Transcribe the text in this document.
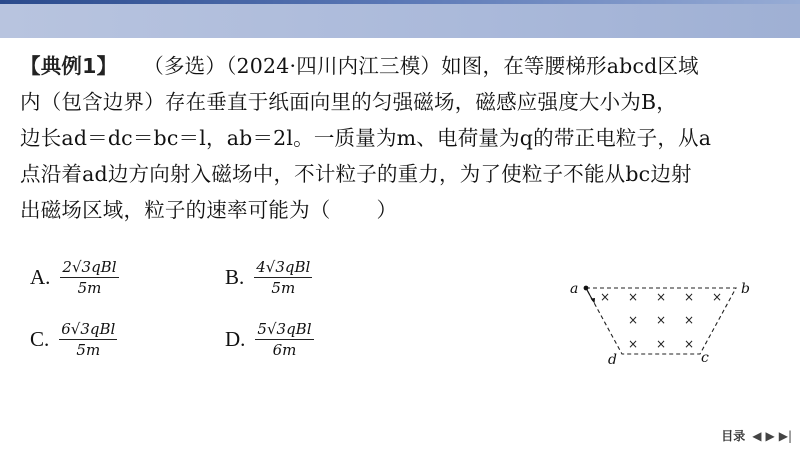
【典例1】 （多选）（2024·四川内江三模）如图，在等腰梯形abcd区域

内（包含边界）存在垂直于纸面向里的匀强磁场，磁感应强度大小为B，

边长ad＝dc＝bc＝l，ab＝2l。一质量为m、电荷量为q的带正电粒子，从a

点沿着ad边方向射入磁场中，不计粒子的重力，为了使粒子不能从bc边射

出磁场区域，粒子的速率可能为（ ）

A. $\frac{\text{2√3qBl}}{5m}$	B. $\frac{\text{4√3qBl}}{5m}$
C. $\frac{\text{6√3qBl}}{5m}$	D. $\frac{\text{5√3qBl}}{6m}$
a	b
c
d
× × × × ×
× × ×
× × ×
目录 ◀ ▶ ▶|
